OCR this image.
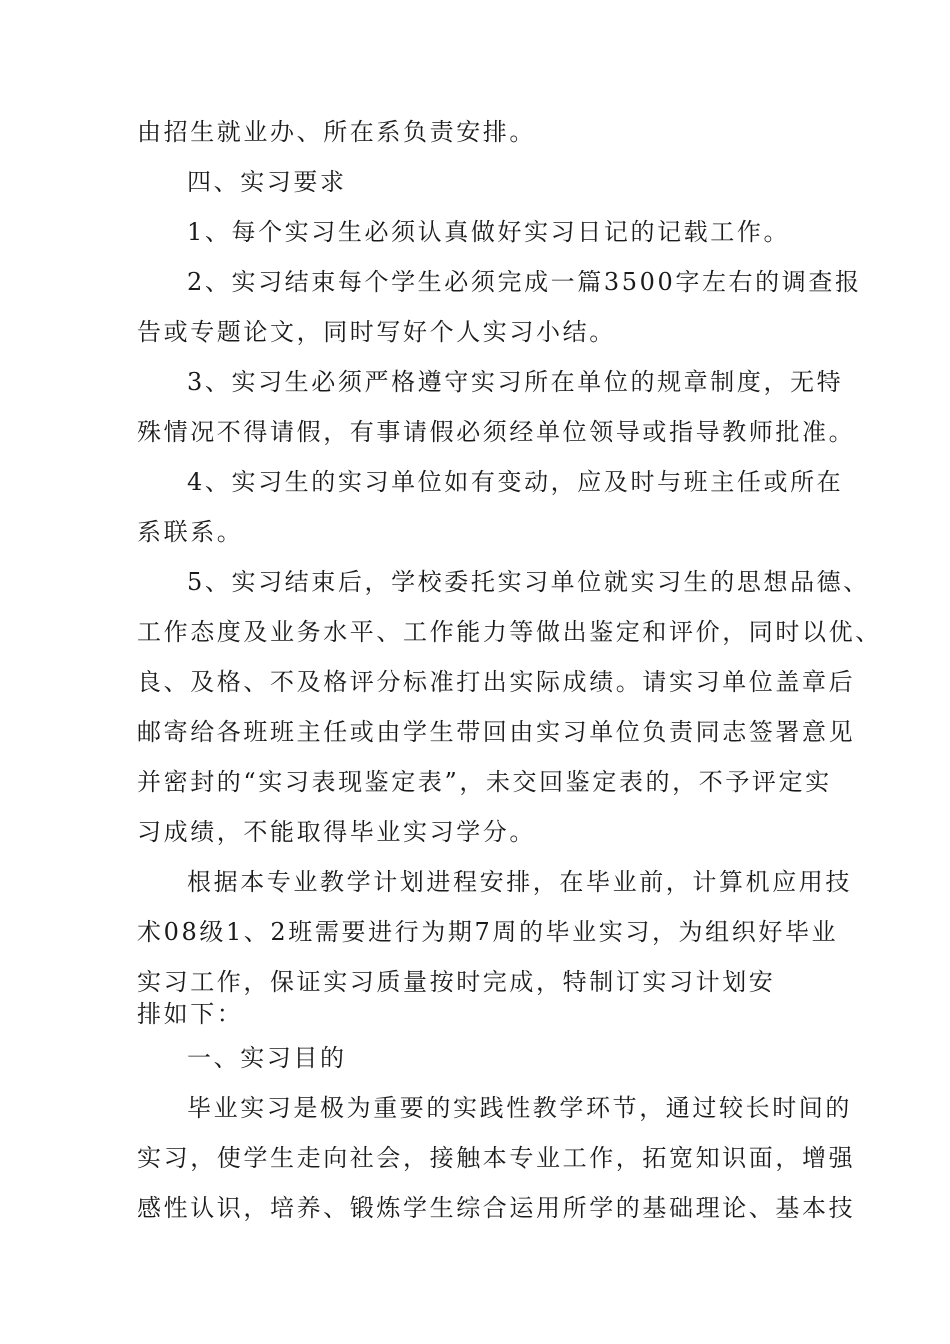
由招生就业办、所在系负责安排。
四、实习要求
1、每个实习生必须认真做好实习日记的记载工作。
2、实习结束每个学生必须完成一篇3500字左右的调查报
告或专题论文，同时写好个人实习小结。
3、实习生必须严格遵守实习所在单位的规章制度，无特
殊情况不得请假，有事请假必须经单位领导或指导教师批准。
4、实习生的实习单位如有变动，应及时与班主任或所在
系联系。
5、实习结束后，学校委托实习单位就实习生的思想品德、
工作态度及业务水平、工作能力等做出鉴定和评价，同时以优、
良、及格、不及格评分标准打出实际成绩。请实习单位盖章后
邮寄给各班班主任或由学生带回由实习单位负责同志签署意见
并密封的“实习表现鉴定表”，未交回鉴定表的，不予评定实
习成绩，不能取得毕业实习学分。
根据本专业教学计划进程安排，在毕业前，计算机应用技
术08级1、2班需要进行为期7周的毕业实习，为组织好毕业
实习工作，保证实习质量按时完成，特制订实习计划安
排如下：
一、实习目的
毕业实习是极为重要的实践性教学环节，通过较长时间的
实习，使学生走向社会，接触本专业工作，拓宽知识面，增强
感性认识，培养、锻炼学生综合运用所学的基础理论、基本技
